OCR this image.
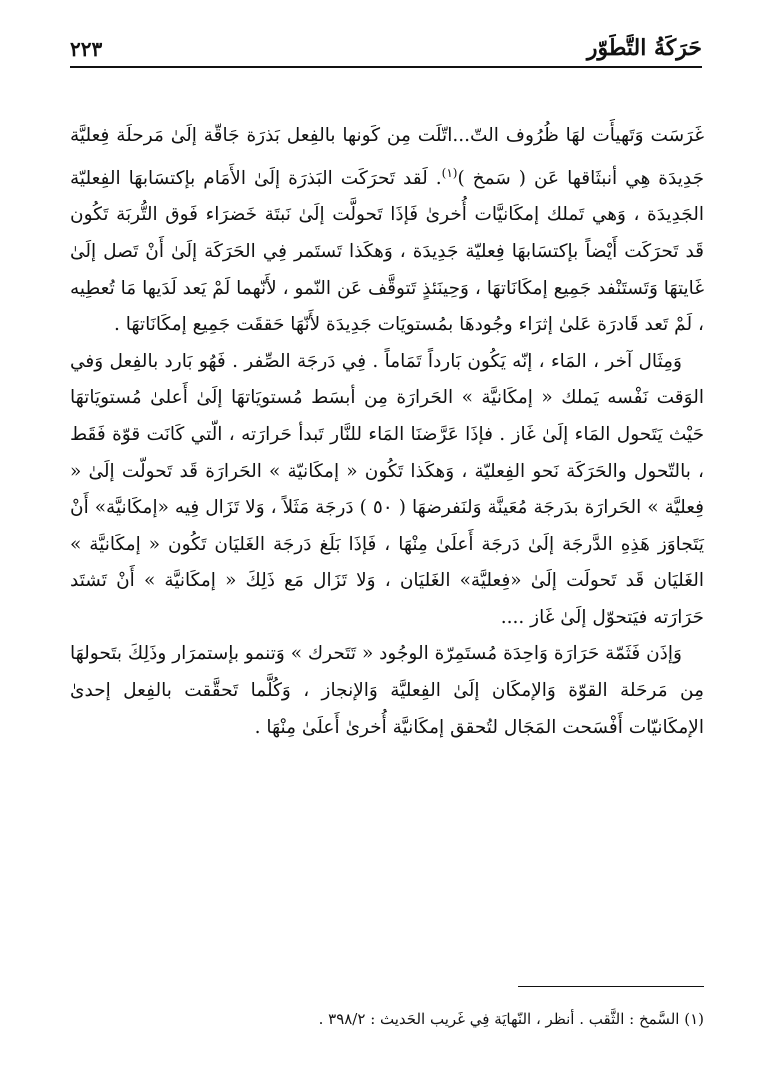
حَرَكَةُ التَّطَوّر
٢٢٣

غَرَسَت وَتَهيأَت لهَا ظُرُوف التّ...اتّلَت مِن كَونها بالفِعل بَذرَة جَاقّة إلَىٰ مَرحلَة فِعليَّة جَدِيدَة هِي أنبثَاقها عَن ( سَمخ )$^{(١)}$. لَقد تَحرَكَت البَذرَة إلَىٰ الأَمَام بإكتسَابهَا الفِعليّة الجَدِيدَة ، وَهي تَملك إمكَانيَّات أُخرىٰ فَإذَا تَحولَّت إلَىٰ نَبتَة خَضرَاء فَوق التُّربَة تَكُون قَد تَحرَكَت أَيْضاً بإكتسَابهَا فِعليّة جَدِيدَة ، وَهكَذا تَستَمر فِي الحَرَكَة إلَىٰ أَنْ تَصل إلَىٰ غَايتهَا وَتَستَنْفد جَمِيع إمكَانَاتهَا ، وَحِينَئذٍ تَتوقَّف عَن النّمو ، لأَنّهما لَمْ يَعد لَدَيها مَا تُعطِيه ، لَمْ تَعد قَادرَة عَلىٰ إثرَاء وجُودهَا بمُستويَات جَدِيدَة لأَنّهَا حَققَت جَمِيع إمكَانَاتهَا .

وَمِثَال آخر ، المَاء ، إنّه يَكُون بَارداً تَمَاماً . فِي دَرجَة الصِّفر . فَهُو بَارد بالفِعل وَفي الوَقت نَفْسه يَملك « إمكَانيَّة » الحَرارَة مِن أبسَط مُستويَاتهَا إلَىٰ أَعلىٰ مُستويَاتهَا حَيْث يَتَحول المَاء إلَىٰ غَاز . فإذَا عَرَّضنَا المَاء للنَّار تَبدأ حَرارَته ، الّتي كَانَت قوّة فَقَط ، بالتّحول والحَرَكَة نَحو الفِعليّة ، وَهكَذا تَكُون « إمكَانيّة » الحَرارَة قَد تَحولّت إلَىٰ « فِعليَّة » الحَرارَة بدَرجَة مُعَينَّة وَلنَفرضهَا ( ٥٠ ) دَرجَة مَثَلاً ، وَلا تَزَال فِيه «إمكَانيَّة» أَنْ يَتَجاوَز هَذِهِ الدَّرجَة إلَىٰ دَرجَة أَعلَىٰ مِنْهَا ، فَإذَا بَلَغ دَرجَة الغَليَان تَكُون « إمكَانيَّة » الغَليَان قَد تَحولَت إلَىٰ «فِعليَّة» الغَليَان ، وَلا تَزَال مَع ذَلِكَ « إمكَانيَّة » أَنْ تَشتَد حَرَارَته فيَتحوّل إلَىٰ غَاز ....

وَإذَن فَثَمّة حَرَارَة وَاحِدَة مُستَمِرّة الوجُود « تَتَحرك » وَتنمو بإستمرَار وذَلِكَ بتَحولهَا مِن مَرحَلة القوّة وَالإمكَان إلَىٰ الفِعليَّة وَالإنجاز ، وَكُلَّما تَحقَّقت بالفِعل إحدىٰ الإمكَانيّات أَفْسَحت المَجَال لتُحقق إمكَانيَّة أُخرىٰ أَعلَىٰ مِنْهَا .

(١) السَّمخ : الثَّقب . أنظر ، النّهايَة فِي غَريب الحَديث : ٣٩٨/٢ .
